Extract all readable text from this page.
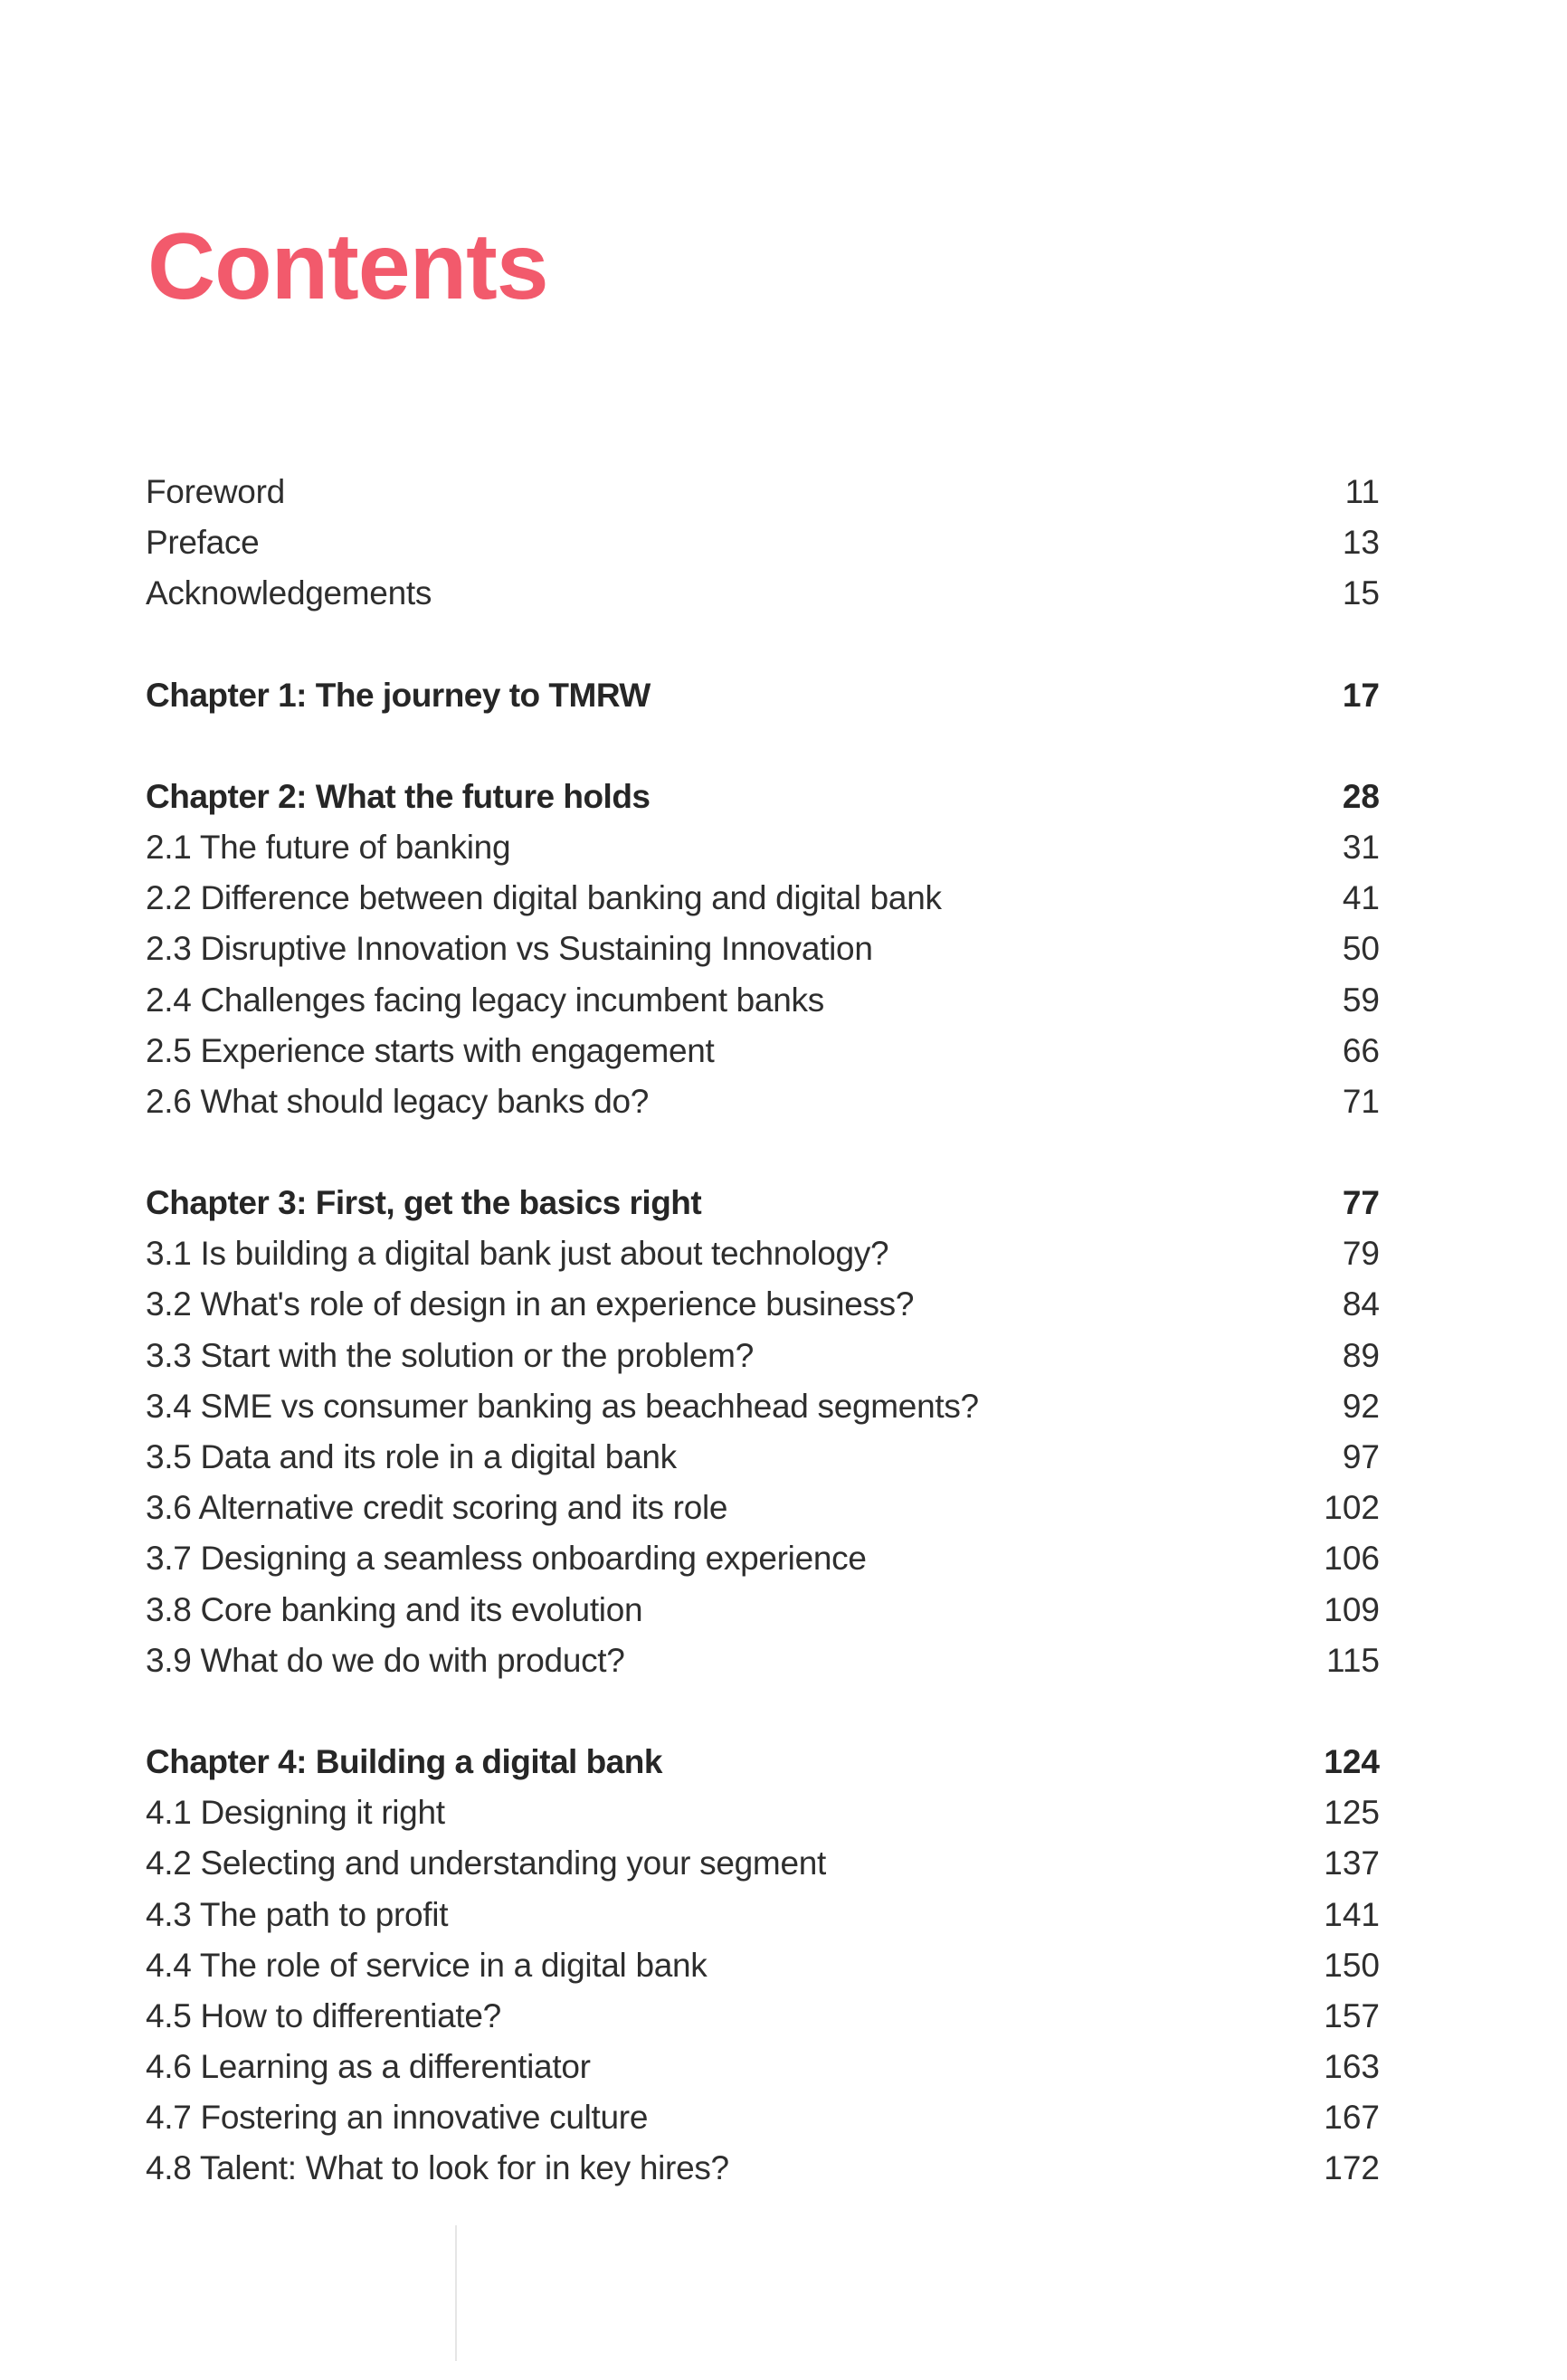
Contents
Foreword	11
Preface	13
Acknowledgements	15
Chapter 1: The journey to TMRW	17
Chapter 2: What the future holds	28
2.1 The future of banking	31
2.2 Difference between digital banking and digital bank	41
2.3 Disruptive Innovation vs Sustaining Innovation	50
2.4 Challenges facing legacy incumbent banks	59
2.5 Experience starts with engagement	66
2.6 What should legacy banks do?	71
Chapter 3: First, get the basics right	77
3.1 Is building a digital bank just about technology?	79
3.2 What's role of design in an experience business?	84
3.3 Start with the solution or the problem?	89
3.4 SME vs consumer banking as beachhead segments?	92
3.5 Data and its role in a digital bank	97
3.6 Alternative credit scoring and its role	102
3.7 Designing a seamless onboarding experience	106
3.8 Core banking and its evolution	109
3.9 What do we do with product?	115
Chapter 4: Building a digital bank	124
4.1 Designing it right	125
4.2 Selecting and understanding your segment	137
4.3 The path to profit	141
4.4 The role of service in a digital bank	150
4.5 How to differentiate?	157
4.6 Learning as a differentiator	163
4.7 Fostering an innovative culture	167
4.8 Talent: What to look for in key hires?	172
